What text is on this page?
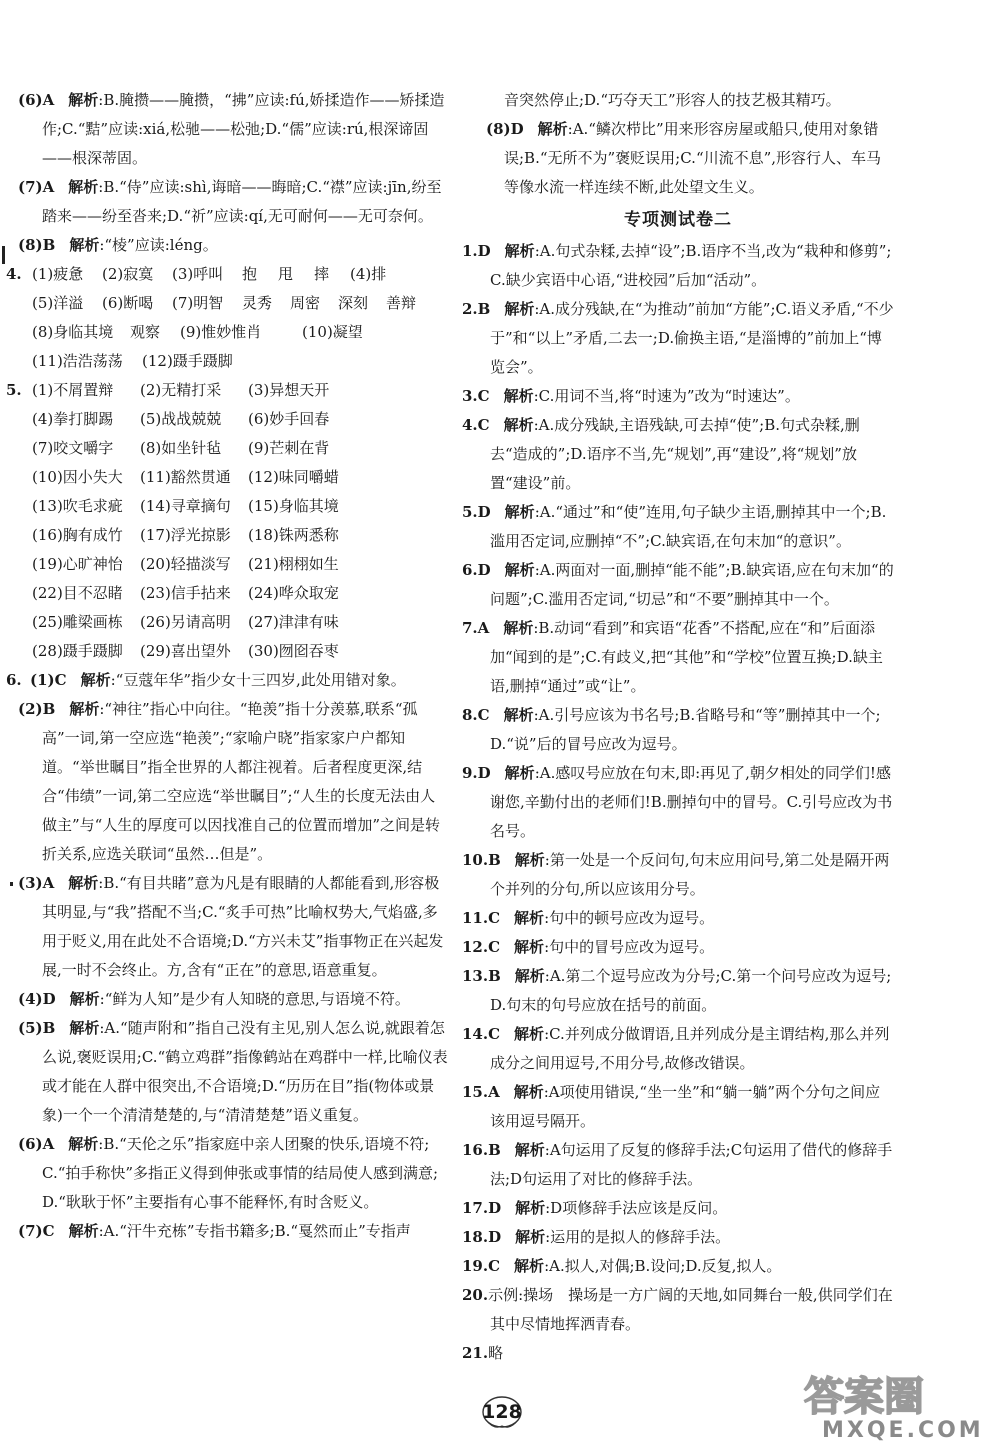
(6)A 解析:B.腌攒——腌攒，“拂”应读:fú,娇揉造作——矫揉造作;C.“黠”应读:xiá,松驰——松弛;D.“儒”应读:rú,根深谛固——根深蒂固。
(7)A 解析:B.“侍”应读:shì,诲暗——晦暗;C.“襟”应读:jīn,纷至踏来——纷至沓来;D.“祈”应读:qí,无可耐何——无可奈何。
(8)B 解析:“棱”应读:léng。
4. (1)疲惫	(2)寂寞	(3)呼叫	抱	甩	摔	(4)排
(5)洋溢	(6)断喝	(7)明智	灵秀	周密	深刻	善辩
(8)身临其境	观察	(9)惟妙惟肖	(10)凝望
(11)浩浩荡荡	(12)蹑手蹑脚
5. (1)不屑置辩	(2)无精打采	(3)异想天开
(4)拳打脚踢	(5)战战兢兢	(6)妙手回春
(7)咬文嚼字	(8)如坐针毡	(9)芒刺在背
(10)因小失大	(11)豁然贯通	(12)味同嚼蜡
(13)吹毛求疵	(14)寻章摘句	(15)身临其境
(16)胸有成竹	(17)浮光掠影	(18)铢两悉称
(19)心旷神怡	(20)轻描淡写	(21)栩栩如生
(22)目不忍睹	(23)信手拈来	(24)哗众取宠
(25)雕梁画栋	(26)另请高明	(27)津津有味
(28)蹑手蹑脚	(29)喜出望外	(30)囫囵吞枣
6. (1)C 解析:“豆蔻年华”指少女十三四岁,此处用错对象。
(2)B 解析:“神往”指心中向往。“艳羡”指十分羡慕,联系“孤高”一词,第一空应选“艳羡”;“家喻户晓”指家家户户都知道。“举世瞩目”指全世界的人都注视着。后者程度更深,结合“伟绩”一词,第二空应选“举世瞩目”;“人生的长度无法由人做主”与“人生的厚度可以因找准自己的位置而增加”之间是转折关系,应选关联词“虽然…但是”。
(3)A 解析:B.“有目共睹”意为凡是有眼睛的人都能看到,形容极其明显,与“我”搭配不当;C.“炙手可热”比喻权势大,气焰盛,多用于贬义,用在此处不合语境;D.“方兴未艾”指事物正在兴起发展,一时不会终止。方,含有“正在”的意思,语意重复。
(4)D 解析:“鲜为人知”是少有人知晓的意思,与语境不符。
(5)B 解析:A.“随声附和”指自己没有主见,别人怎么说,就跟着怎么说,褒贬误用;C.“鹤立鸡群”指像鹤站在鸡群中一样,比喻仪表或才能在人群中很突出,不合语境;D.“历历在目”指(物体或景象)一个一个清清楚楚的,与“清清楚楚”语义重复。
(6)A 解析:B.“天伦之乐”指家庭中亲人团聚的快乐,语境不符;C.“拍手称快”多指正义得到伸张或事情的结局使人感到满意;D.“耿耿于怀”主要指有心事不能释怀,有时含贬义。
(7)C 解析:A.“汗牛充栋”专指书籍多;B.“戛然而止”专指声
音突然停止;D.“巧夺天工”形容人的技艺极其精巧。
(8)D 解析:A.“鳞次栉比”用来形容房屋或船只,使用对象错误;B.“无所不为”褒贬误用;C.“川流不息”,形容行人、车马等像水流一样连续不断,此处望文生义。
专项测试卷二
1.D 解析:A.句式杂糅,去掉“设”;B.语序不当,改为“栽种和修剪”;C.缺少宾语中心语,“进校园”后加“活动”。
2.B 解析:A.成分残缺,在“为推动”前加“方能”;C.语义矛盾,“不少于”和“以上”矛盾,二去一;D.偷换主语,“是淄博的”前加上“博览会”。
3.C 解析:C.用词不当,将“时速为”改为“时速达”。
4.C 解析:A.成分残缺,主语残缺,可去掉“使”;B.句式杂糅,删去“造成的”;D.语序不当,先“规划”,再“建设”,将“规划”放置“建设”前。
5.D 解析:A.“通过”和“使”连用,句子缺少主语,删掉其中一个;B.滥用否定词,应删掉“不”;C.缺宾语,在句末加“的意识”。
6.D 解析:A.两面对一面,删掉“能不能”;B.缺宾语,应在句末加“的问题”;C.滥用否定词,“切忌”和“不要”删掉其中一个。
7.A 解析:B.动词“看到”和宾语“花香”不搭配,应在“和”后面添加“闻到的是”;C.有歧义,把“其他”和“学校”位置互换;D.缺主语,删掉“通过”或“让”。
8.C 解析:A.引号应该为书名号;B.省略号和“等”删掉其中一个;D.“说”后的冒号应改为逗号。
9.D 解析:A.感叹号应放在句末,即:再见了,朝夕相处的同学们!感谢您,辛勤付出的老师们!B.删掉句中的冒号。C.引号应改为书名号。
10.B 解析:第一处是一个反问句,句末应用问号,第二处是隔开两个并列的分句,所以应该用分号。
11.C 解析:句中的顿号应改为逗号。
12.C 解析:句中的冒号应改为逗号。
13.B 解析:A.第二个逗号应改为分号;C.第一个问号应改为逗号;D.句末的句号应放在括号的前面。
14.C 解析:C.并列成分做谓语,且并列成分是主谓结构,那么并列成分之间用逗号,不用分号,故修改错误。
15.A 解析:A项使用错误,“坐一坐”和“躺一躺”两个分句之间应该用逗号隔开。
16.B 解析:A句运用了反复的修辞手法;C句运用了借代的修辞手法;D句运用了对比的修辞手法。
17.D 解析:D项修辞手法应该是反问。
18.D 解析:运用的是拟人的修辞手法。
19.C 解析:A.拟人,对偶;B.设问;D.反复,拟人。
20.示例:操场　操场是一方广阔的天地,如同舞台一般,供同学们在其中尽情地挥洒青春。
21.略
128	答案圈
MXQE.COM
